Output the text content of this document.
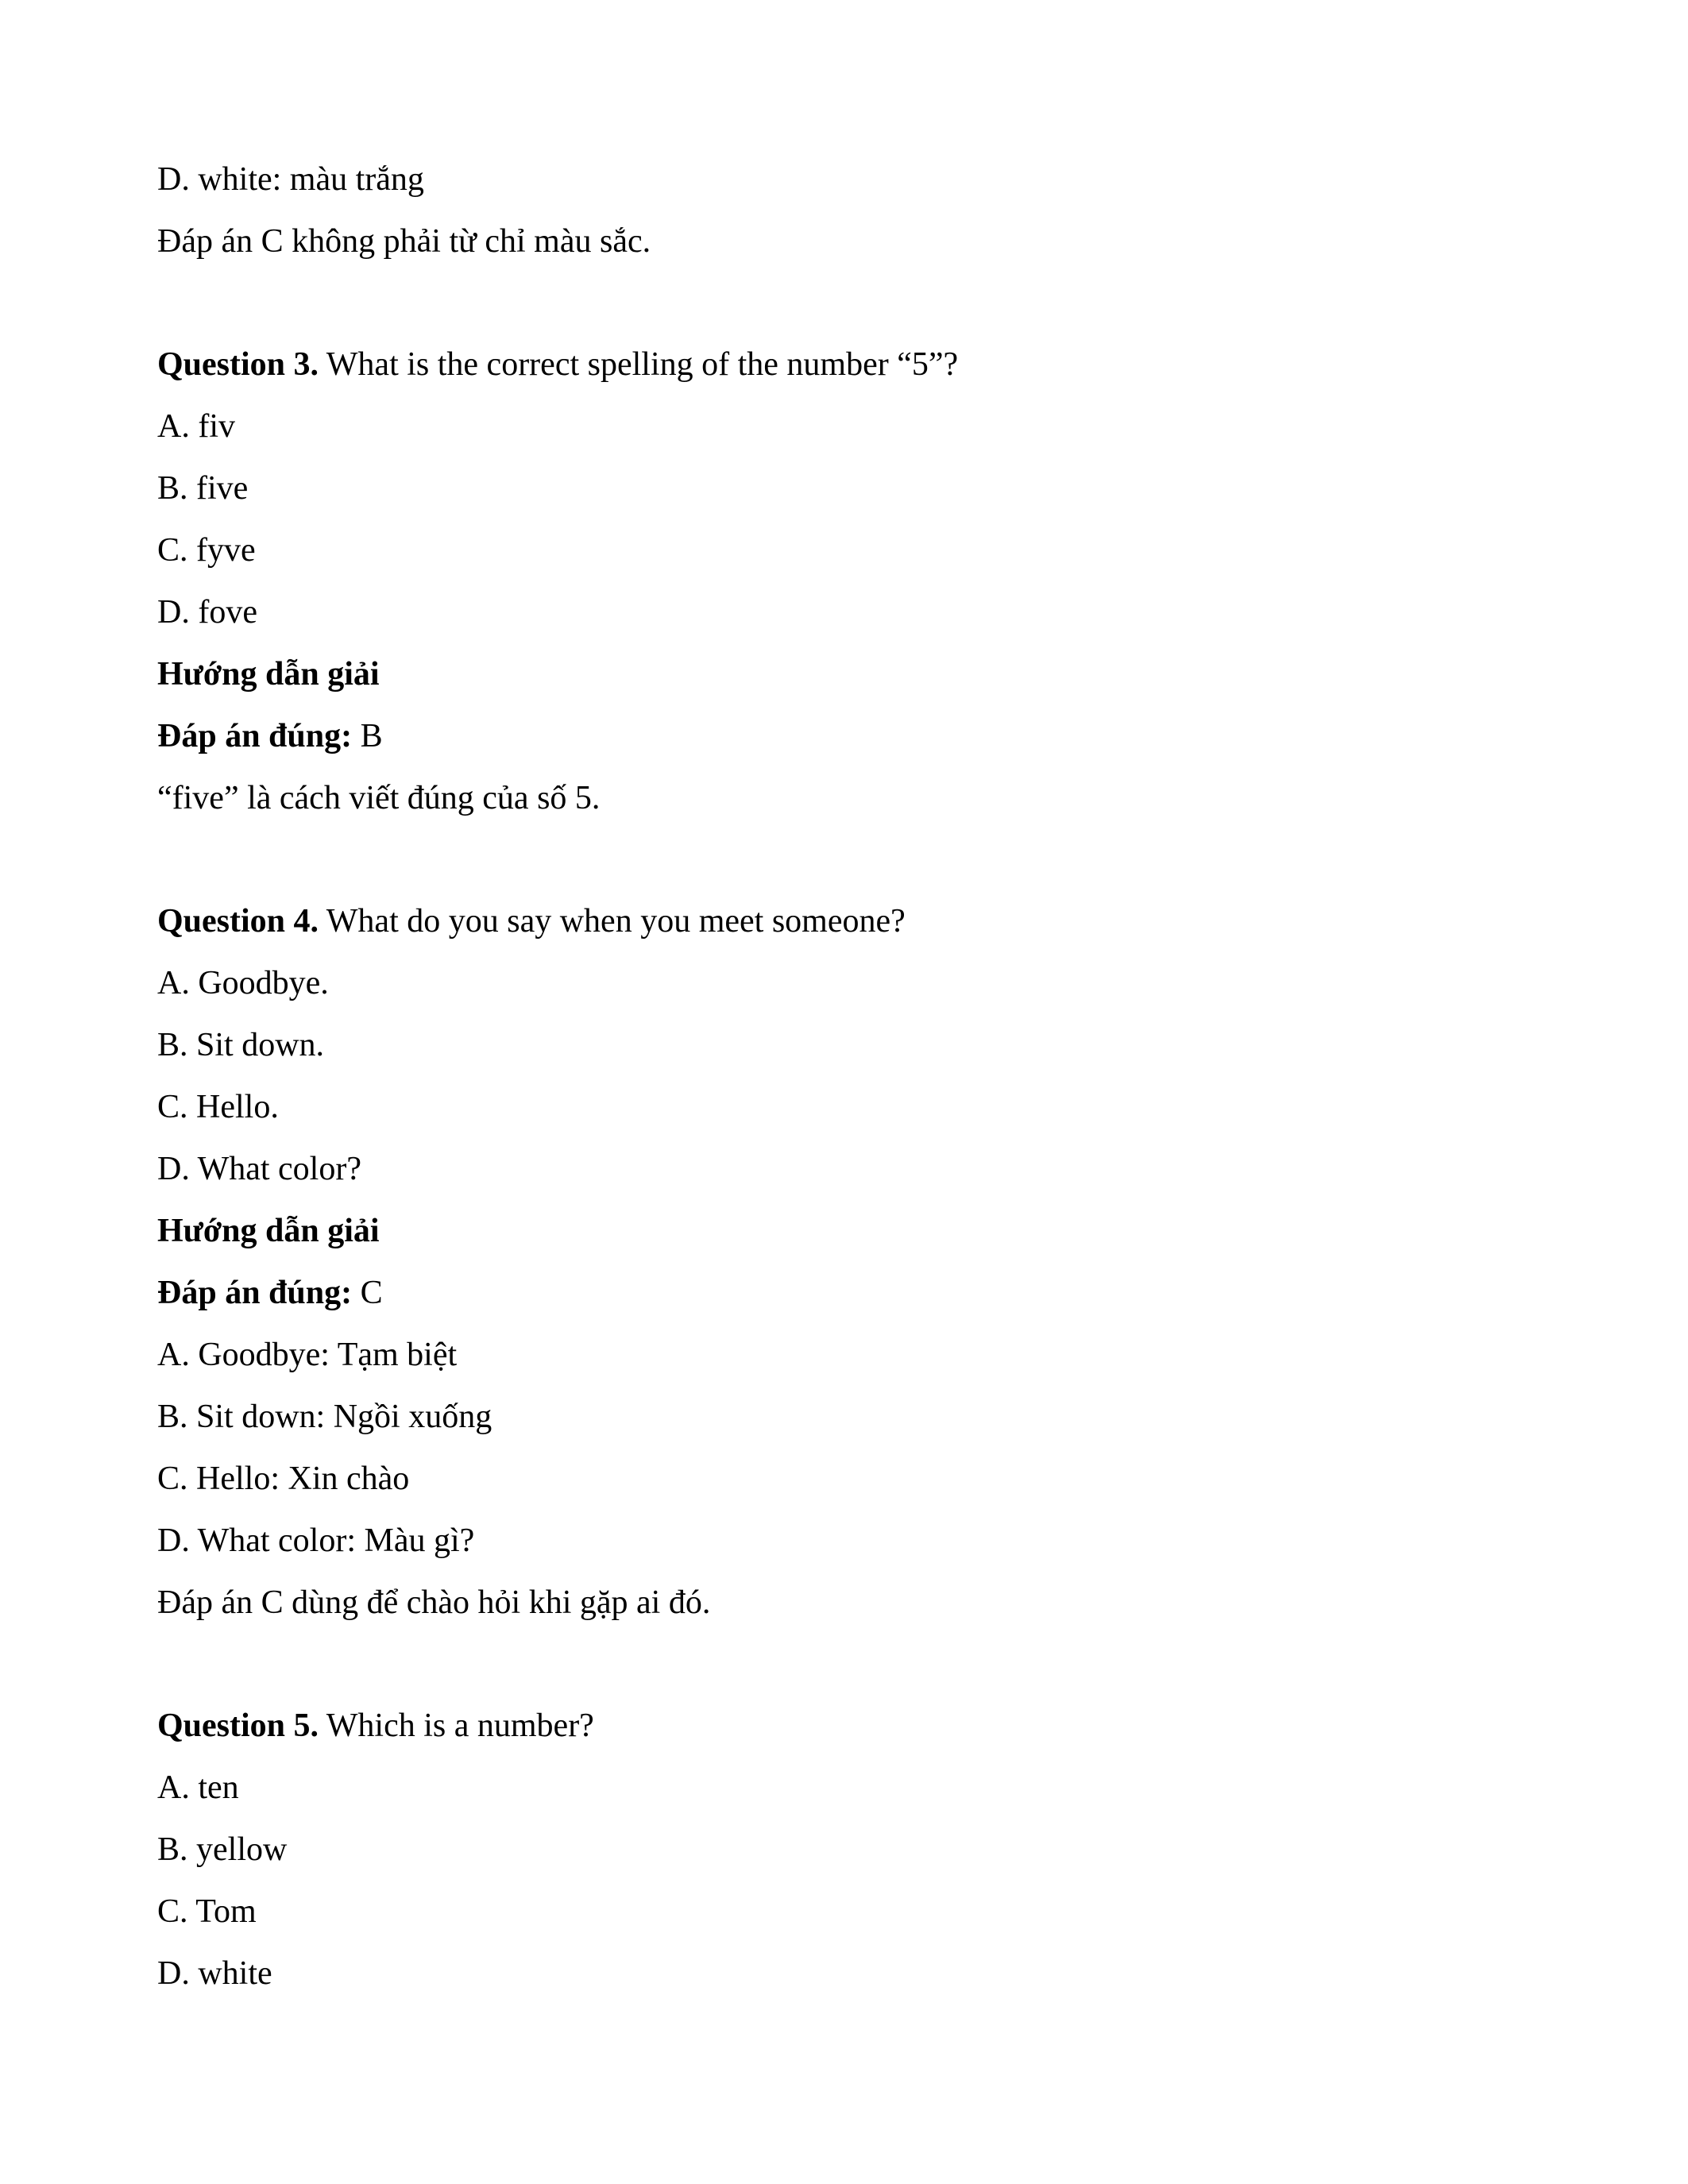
D. white: màu trắng
Đáp án C không phải từ chỉ màu sắc.
Question 3. What is the correct spelling of the number “5”?
A. fiv
B. five
C. fyve
D. fove
Hướng dẫn giải
Đáp án đúng: B
“five” là cách viết đúng của số 5.
Question 4. What do you say when you meet someone?
A. Goodbye.
B. Sit down.
C. Hello.
D. What color?
Hướng dẫn giải
Đáp án đúng: C
A. Goodbye: Tạm biệt
B. Sit down: Ngồi xuống
C. Hello: Xin chào
D. What color: Màu gì?
Đáp án C dùng để chào hỏi khi gặp ai đó.
Question 5. Which is a number?
A. ten
B. yellow
C. Tom
D. white
